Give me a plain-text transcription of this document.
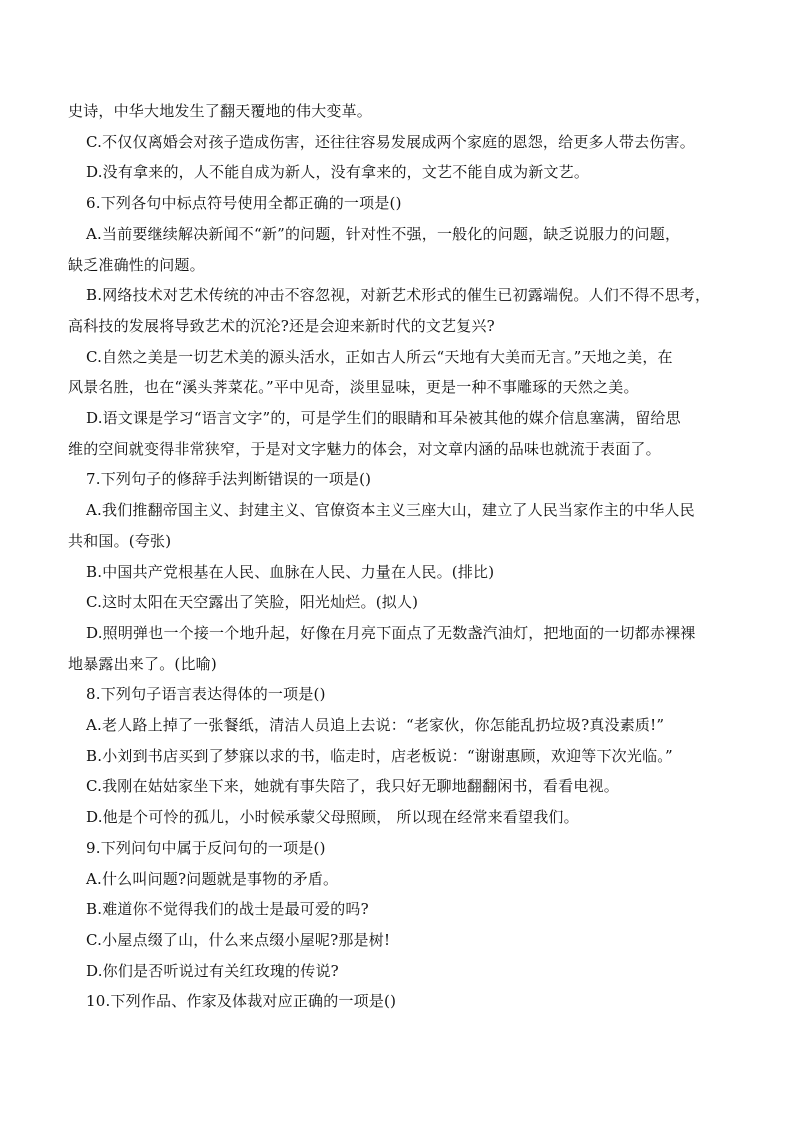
史诗，中华大地发生了翻天覆地的伟大变革。
C.不仅仅离婚会对孩子造成伤害，还往往容易发展成两个家庭的恩怨，给更多人带去伤害。
D.没有拿来的，人不能自成为新人，没有拿来的，文艺不能自成为新文艺。
6.下列各句中标点符号使用全都正确的一项是()
A.当前要继续解决新闻不“新”的问题，针对性不强，一般化的问题，缺乏说服力的问题，
缺乏准确性的问题。
B.网络技术对艺术传统的冲击不容忽视，对新艺术形式的催生已初露端倪。人们不得不思考，
高科技的发展将导致艺术的沉沦?还是会迎来新时代的文艺复兴?
C.自然之美是一切艺术美的源头活水，正如古人所云“天地有大美而无言。”天地之美，在
风景名胜，也在“溪头荠菜花。”平中见奇，淡里显味，更是一种不事雕琢的天然之美。
D.语文课是学习“语言文字”的，可是学生们的眼睛和耳朵被其他的媒介信息塞满，留给思
维的空间就变得非常狭窄，于是对文字魅力的体会，对文章内涵的品味也就流于表面了。
7.下列句子的修辞手法判断错误的一项是()
A.我们推翻帝国主义、封建主义、官僚资本主义三座大山，建立了人民当家作主的中华人民
共和国。(夸张)
B.中国共产党根基在人民、血脉在人民、力量在人民。(排比)
C.这时太阳在天空露出了笑脸，阳光灿烂。(拟人)
D.照明弹也一个接一个地升起，好像在月亮下面点了无数盏汽油灯，把地面的一切都赤裸裸
地暴露出来了。(比喻)
8.下列句子语言表达得体的一项是()
A.老人路上掉了一张餐纸，清洁人员追上去说：“老家伙，你怎能乱扔垃圾?真没素质!”
B.小刘到书店买到了梦寐以求的书，临走时，店老板说：“谢谢惠顾，欢迎等下次光临。”
C.我刚在姑姑家坐下来，她就有事失陪了，我只好无聊地翻翻闲书，看看电视。
D.他是个可怜的孤儿，小时候承蒙父母照顾， 所以现在经常来看望我们。
9.下列问句中属于反问句的一项是()
A.什么叫问题?问题就是事物的矛盾。
B.难道你不觉得我们的战士是最可爱的吗?
C.小屋点缀了山，什么来点缀小屋呢?那是树!
D.你们是否听说过有关红玫瑰的传说?
10.下列作品、作家及体裁对应正确的一项是()
